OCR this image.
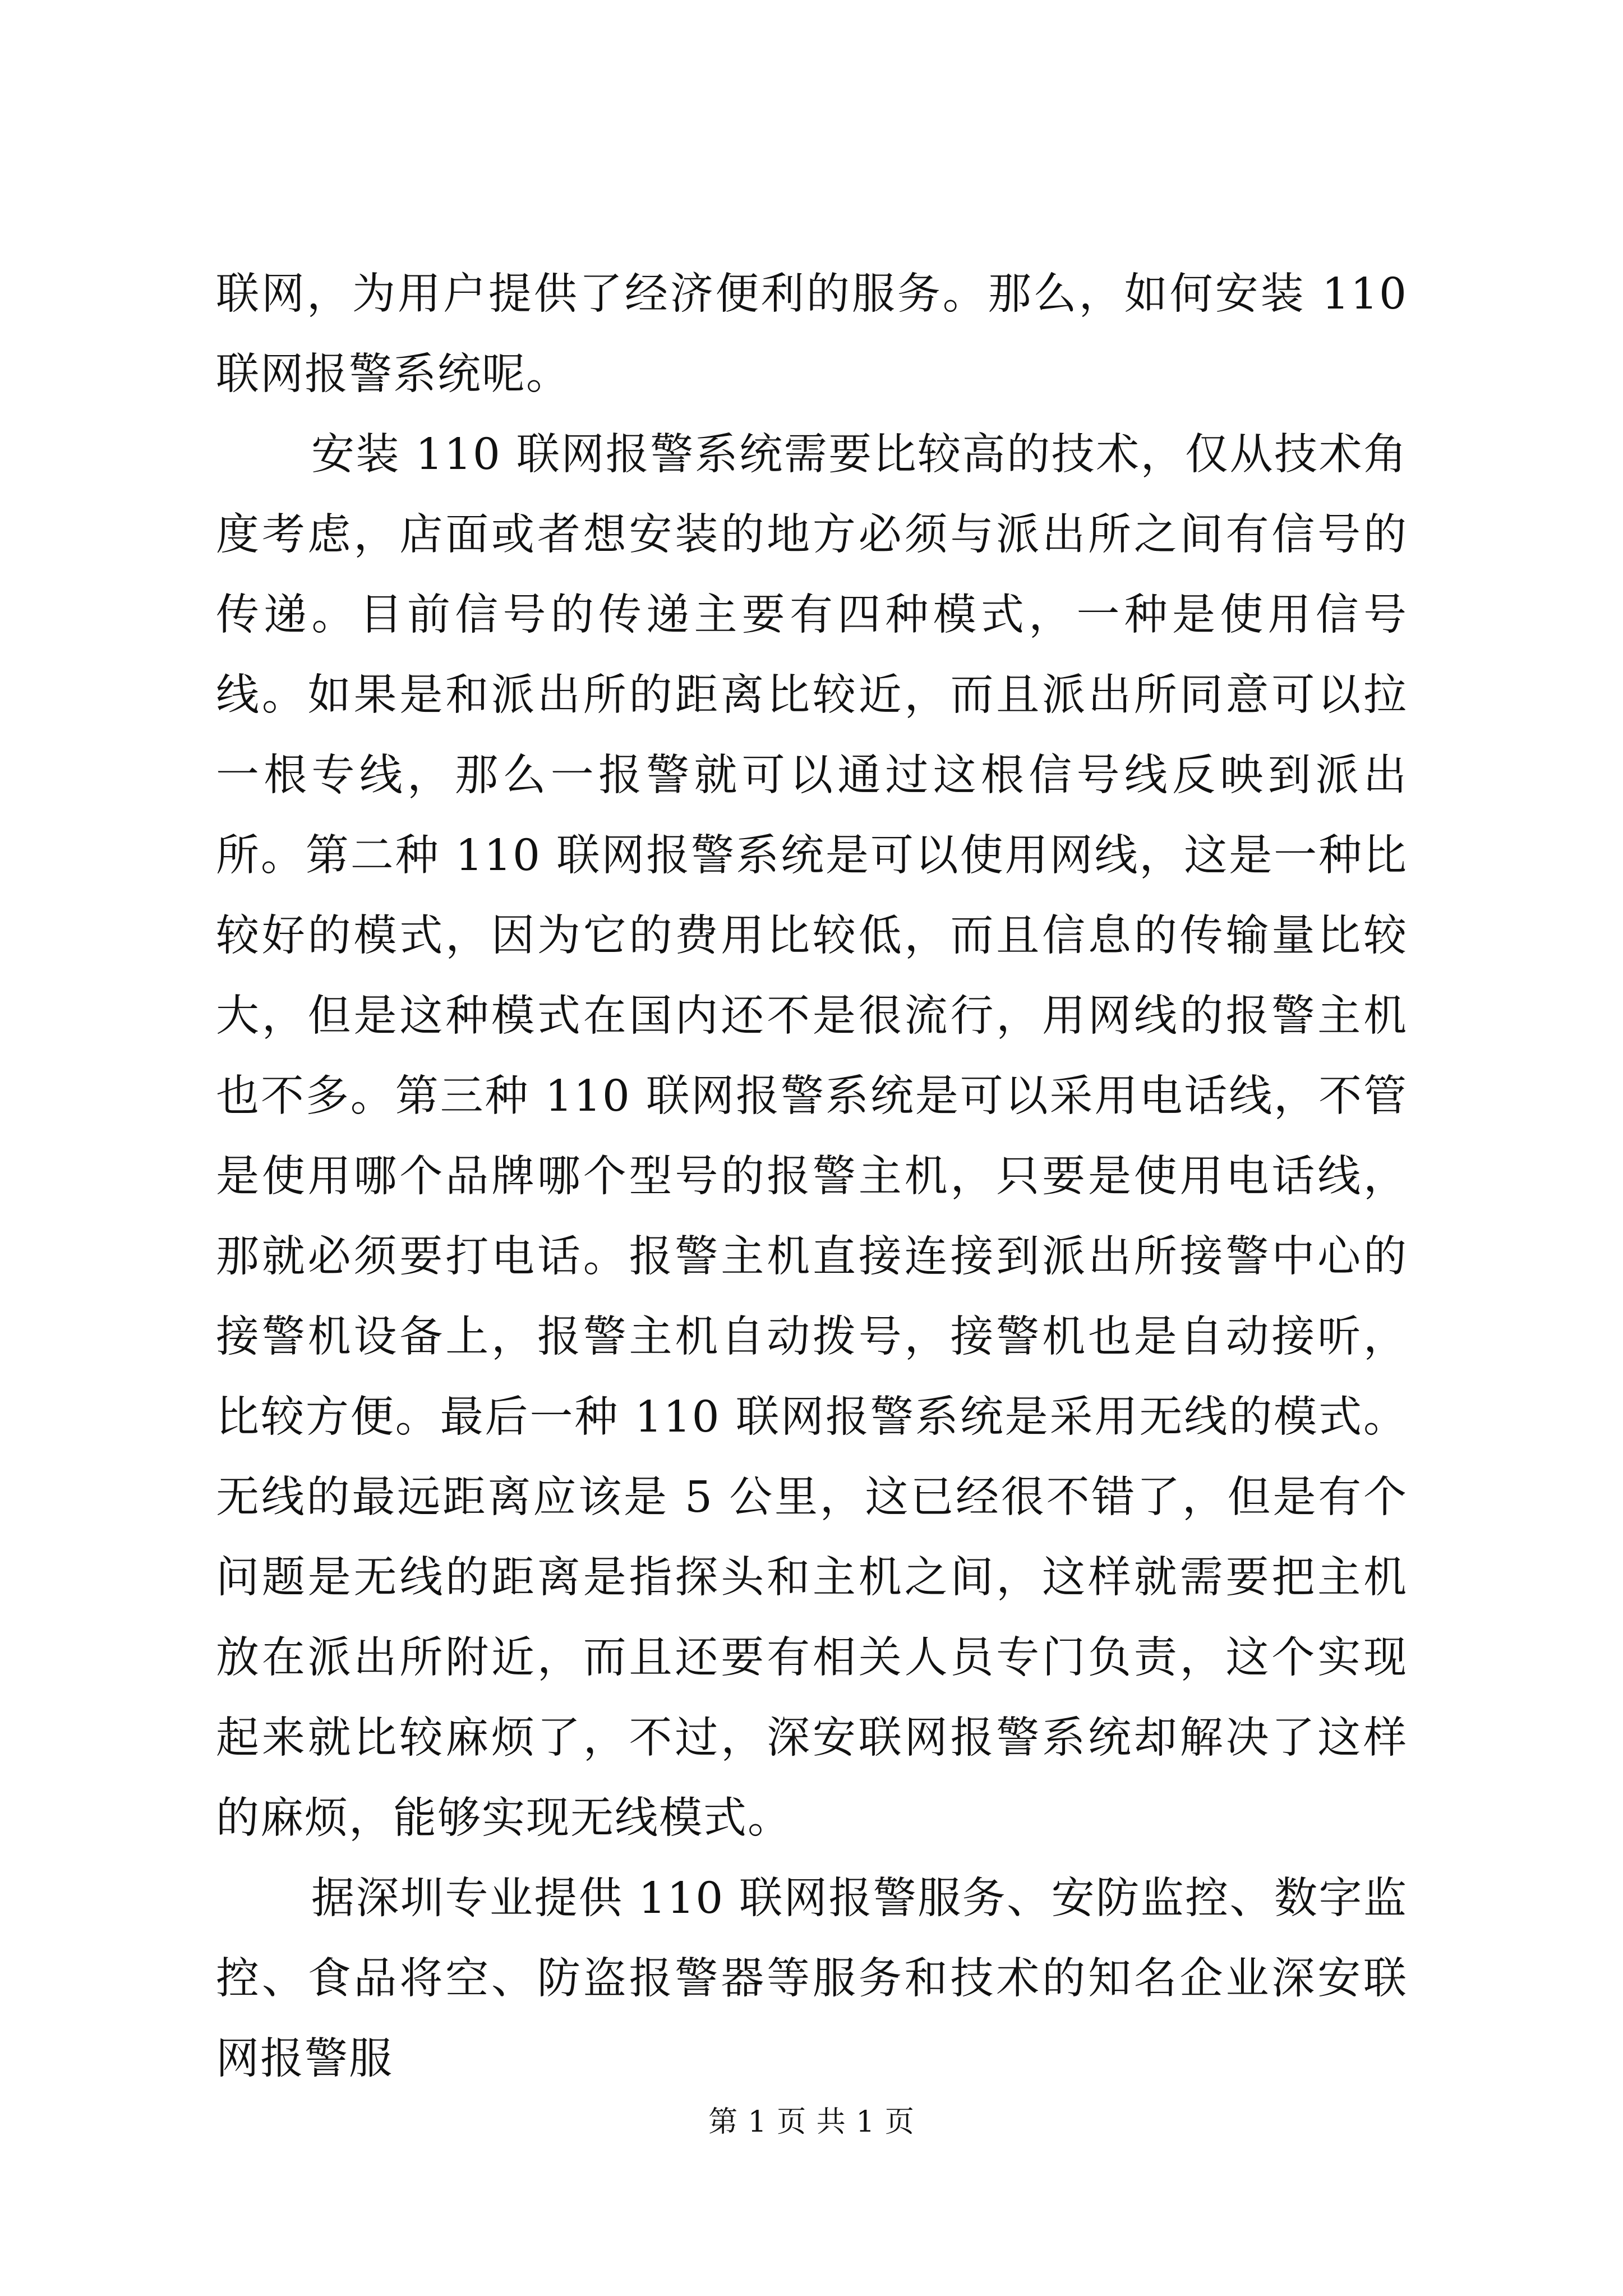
联网，为用户提供了经济便利的服务。那么，如何安装 110 联网报警系统呢。

安装 110 联网报警系统需要比较高的技术，仅从技术角度考虑，店面或者想安装的地方必须与派出所之间有信号的传递。目前信号的传递主要有四种模式，一种是使用信号线。如果是和派出所的距离比较近，而且派出所同意可以拉一根专线，那么一报警就可以通过这根信号线反映到派出所。第二种 110 联网报警系统是可以使用网线，这是一种比较好的模式，因为它的费用比较低，而且信息的传输量比较大，但是这种模式在国内还不是很流行，用网线的报警主机也不多。第三种 110 联网报警系统是可以采用电话线，不管是使用哪个品牌哪个型号的报警主机，只要是使用电话线，那就必须要打电话。报警主机直接连接到派出所接警中心的接警机设备上，报警主机自动拨号，接警机也是自动接听，比较方便。最后一种 110 联网报警系统是采用无线的模式。无线的最远距离应该是 5 公里，这已经很不错了，但是有个问题是无线的距离是指探头和主机之间，这样就需要把主机放在派出所附近，而且还要有相关人员专门负责，这个实现起来就比较麻烦了，不过，深安联网报警系统却解决了这样的麻烦，能够实现无线模式。

据深圳专业提供 110 联网报警服务、安防监控、数字监控、食品将空、防盗报警器等服务和技术的知名企业深安联网报警服

第 1 页 共 1 页
